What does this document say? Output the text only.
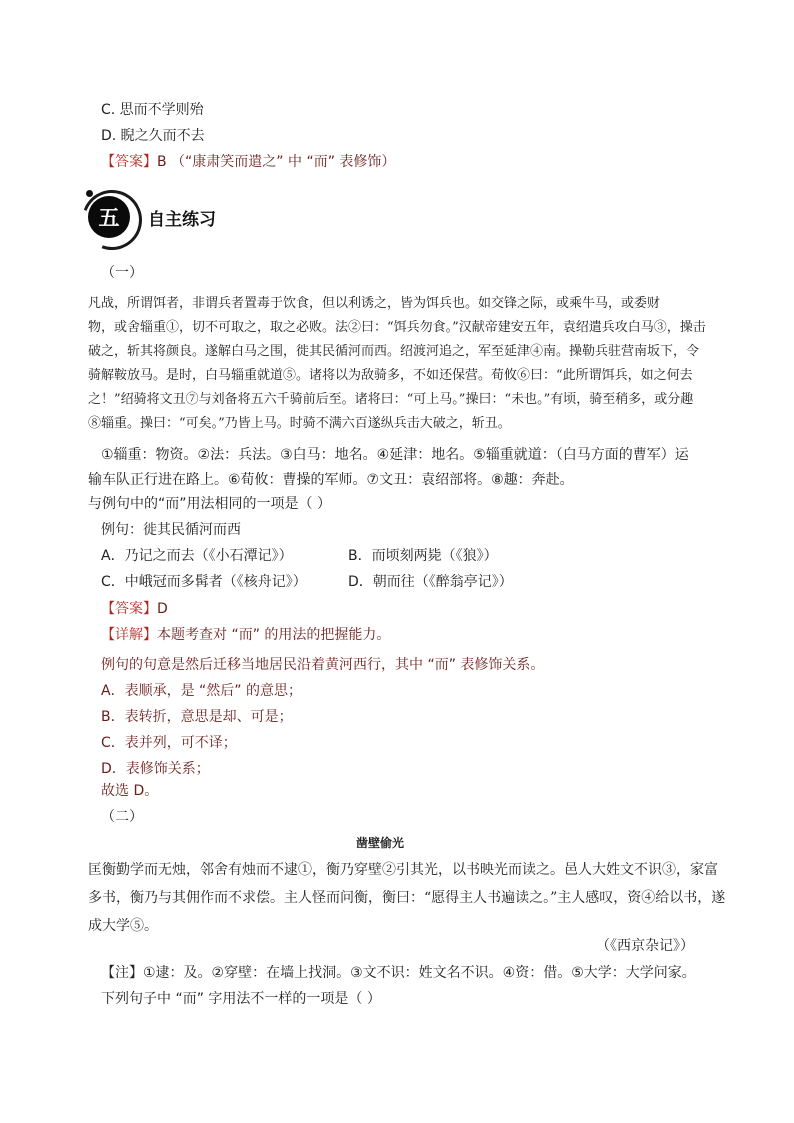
C. 思而不学则殆
D. 睨之久而不去
【答案】B （“康肃笑而遣之” 中 “而” 表修饰）
五	自主练习
（一）
凡战，所谓饵者，非谓兵者置毒于饮食，但以利诱之，皆为饵兵也。如交锋之际，或乘牛马，或委财
物，或舍辎重①，切不可取之，取之必败。法②曰：“饵兵勿食。”汉献帝建安五年，袁绍遣兵攻白马③，操击
破之，斩其将颜良。遂解白马之围，徙其民循河而西。绍渡河追之，军至延津④南。操勒兵驻营南坂下，令
骑解鞍放马。是时，白马辎重就道⑤。诸将以为敌骑多，不如还保营。荀攸⑥曰：“此所谓饵兵，如之何去
之！”绍骑将文丑⑦与刘备将五六千骑前后至。诸将曰：“可上马。”操曰：“未也。”有顷，骑至稍多，或分趣
⑧辎重。操曰：“可矣。”乃皆上马。时骑不满六百遂纵兵击大破之，斩丑。
①辎重：物资。②法：兵法。③白马：地名。④延津：地名。⑤辎重就道：（白马方面的曹军）运
输车队正行进在路上。⑥荀攸：曹操的军师。⑦文丑：袁绍部将。⑧趣：奔赴。
与例句中的“而”用法相同的一项是（ ）
例句：徙其民循河而西
A．乃记之而去（《小石潭记》）	B．而顷刻两毙（《狼》）
C．中峨冠而多髯者（《核舟记》）	D．朝而往（《醉翁亭记》）
【答案】D
【详解】本题考查对 “而” 的用法的把握能力。
例句的句意是然后迁移当地居民沿着黄河西行，其中 “而” 表修饰关系。
A．表顺承，是 “然后” 的意思；
B．表转折，意思是却、可是；
C．表并列，可不译；
D．表修饰关系；
故选 D。
（二）
凿壁偷光
匡衡勤学而无烛，邻舍有烛而不逮①，衡乃穿壁②引其光，以书映光而读之。邑人大姓文不识③，家富
多书，衡乃与其佣作而不求偿。主人怪而问衡，衡曰：“愿得主人书遍读之。”主人感叹，资④给以书，遂
成大学⑤。
（《西京杂记》）
【注】①逮：及。②穿壁：在墙上找洞。③文不识：姓文名不识。④资：借。⑤大学：大学问家。
下列句子中 “而” 字用法不一样的一项是（ ）
